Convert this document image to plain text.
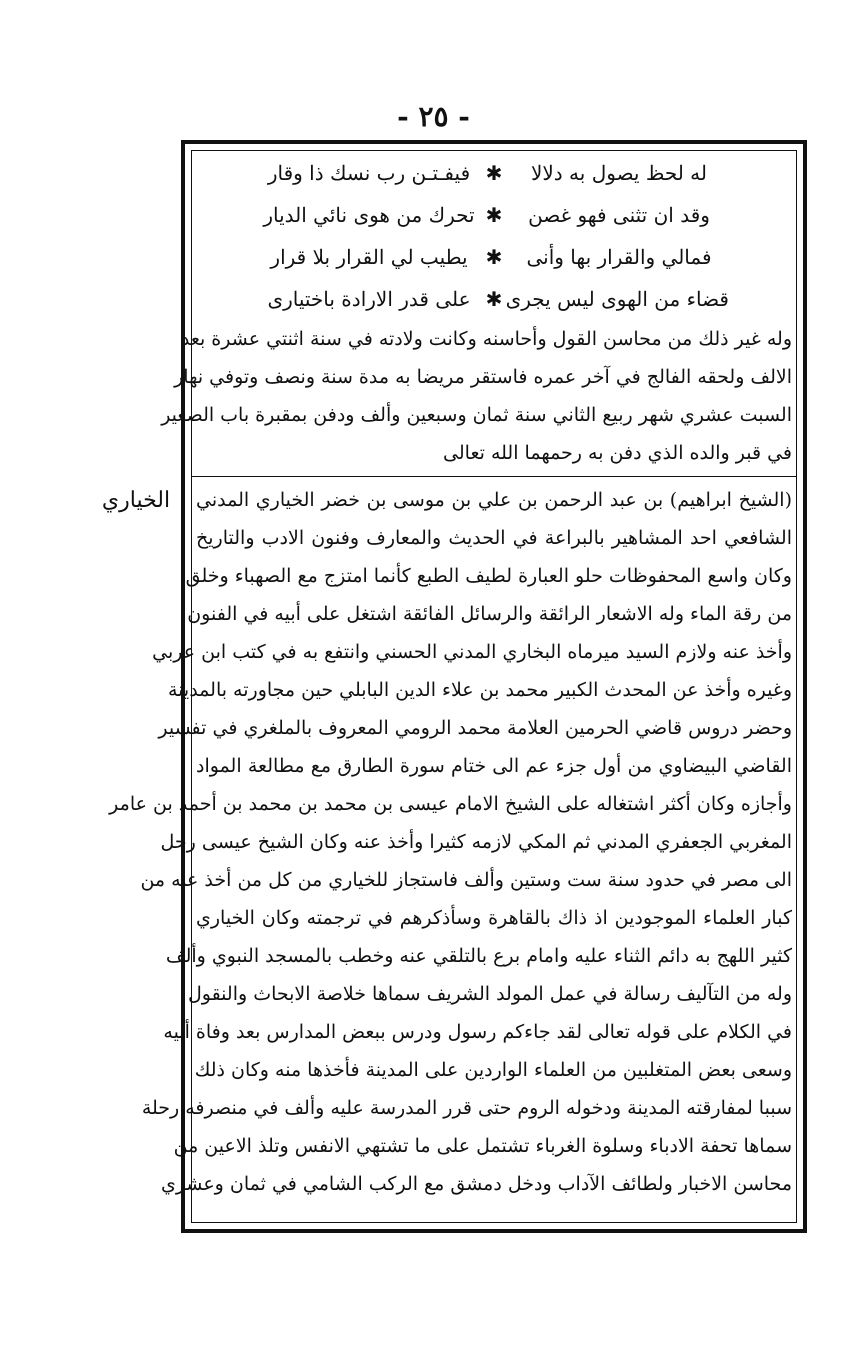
- ٢٥ -
الخياري
له لحظ يصول به دلالا
✱
فيفـتـن رب نسك ذا وقار
وقد ان تثنى فهو غصن
✱
تحرك من هوى نائي الديار
فمالي والقرار بها وأنى
✱
يطيب لي القرار بلا قرار
قضاء من الهوى ليس يجرى
✱
على قدر الارادة باختيارى
وله غير ذلك من محاسن القول وأحاسنه وكانت ولادته في سنة اثنتي عشرة بعد
الالف ولحقه الفالج في آخر عمره فاستقر مريضا به مدة سنة ونصف وتوفي نهار
السبت عشري شهر ربيع الثاني سنة ثمان وسبعين وألف ودفن بمقبرة باب الصغير
في قبر والده الذي دفن به رحمهما الله تعالى
(الشيخ ابراهيم) بن عبد الرحمن بن علي بن موسى بن خضر الخياري المدني
الشافعي احد المشاهير بالبراعة في الحديث والمعارف وفنون الادب والتاريخ
وكان واسع المحفوظات حلو العبارة لطيف الطبع كأنما امتزج مع الصهباء وخلق
من رقة الماء وله الاشعار الرائقة والرسائل الفائقة اشتغل على أبيه في الفنون
وأخذ عنه ولازم السيد ميرماه البخاري المدني الحسني وانتفع به في كتب ابن عربي
وغيره وأخذ عن المحدث الكبير محمد بن علاء الدين البابلي حين مجاورته بالمدينة
وحضر دروس قاضي الحرمين العلامة محمد الرومي المعروف بالملغري في تفسير
القاضي البيضاوي من أول جزء عم الى ختام سورة الطارق مع مطالعة المواد
وأجازه وكان أكثر اشتغاله على الشيخ الامام عيسى بن محمد بن محمد بن أحمد بن عامر
المغربي الجعفري المدني ثم المكي لازمه كثيرا وأخذ عنه وكان الشيخ عيسى رحل
الى مصر في حدود سنة ست وستين وألف فاستجاز للخياري من كل من أخذ عنه من
كبار العلماء الموجودين اذ ذاك بالقاهرة وسأذكرهم في ترجمته وكان الخياري
كثير اللهج به دائم الثناء عليه وامام برع بالتلقي عنه وخطب بالمسجد النبوي وألف
وله من التآليف رسالة في عمل المولد الشريف سماها خلاصة الابحاث والنقول
في الكلام على قوله تعالى لقد جاءكم رسول ودرس ببعض المدارس بعد وفاة أبيه
وسعى بعض المتغلبين من العلماء الواردين على المدينة فأخذها منه وكان ذلك
سببا لمفارقته المدينة ودخوله الروم حتى قرر المدرسة عليه وألف في منصرفه رحلة
سماها تحفة الادباء وسلوة الغرباء تشتمل على ما تشتهي الانفس وتلذ الاعين من
محاسن الاخبار ولطائف الآداب ودخل دمشق مع الركب الشامي في ثمان وعشري
